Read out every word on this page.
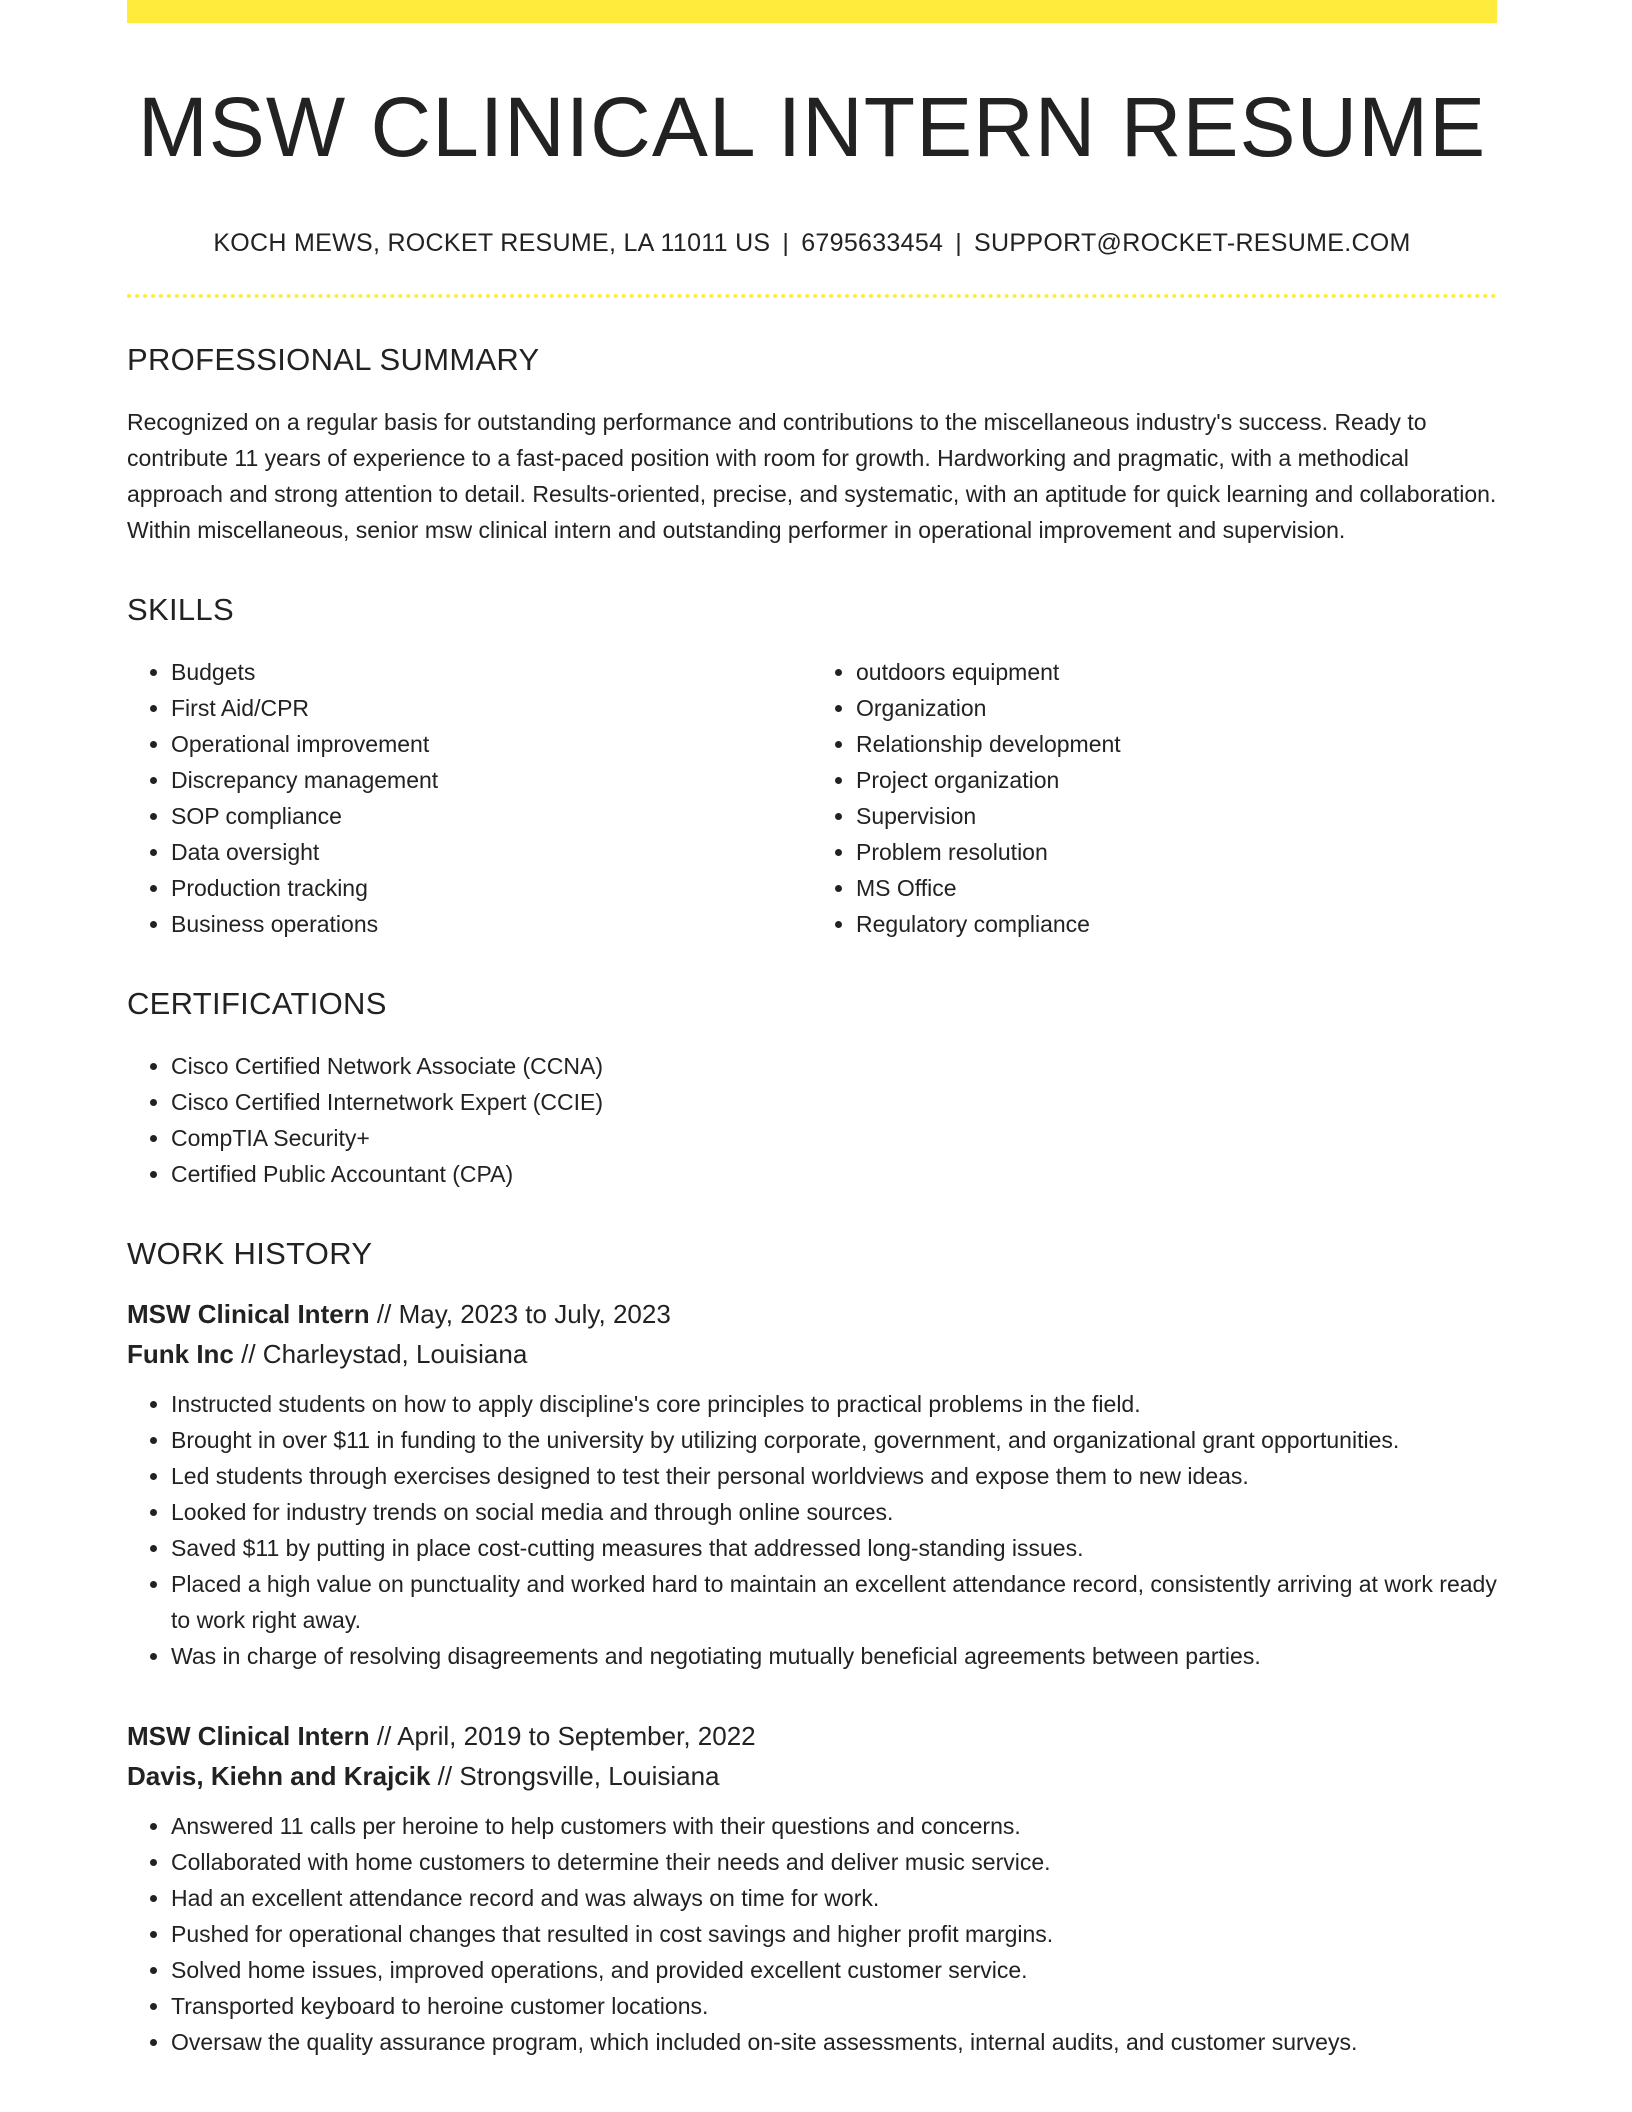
MSW CLINICAL INTERN RESUME
KOCH MEWS, ROCKET RESUME, LA 11011 US | 6795633454 | SUPPORT@ROCKET-RESUME.COM
PROFESSIONAL SUMMARY
Recognized on a regular basis for outstanding performance and contributions to the miscellaneous industry's success. Ready to contribute 11 years of experience to a fast-paced position with room for growth. Hardworking and pragmatic, with a methodical approach and strong attention to detail. Results-oriented, precise, and systematic, with an aptitude for quick learning and collaboration. Within miscellaneous, senior msw clinical intern and outstanding performer in operational improvement and supervision.
SKILLS
• Budgets
• First Aid/CPR
• Operational improvement
• Discrepancy management
• SOP compliance
• Data oversight
• Production tracking
• Business operations
• outdoors equipment
• Organization
• Relationship development
• Project organization
• Supervision
• Problem resolution
• MS Office
• Regulatory compliance
CERTIFICATIONS
• Cisco Certified Network Associate (CCNA)
• Cisco Certified Internetwork Expert (CCIE)
• CompTIA Security+
• Certified Public Accountant (CPA)
WORK HISTORY
MSW Clinical Intern // May, 2023 to July, 2023
Funk Inc // Charleystad, Louisiana
• Instructed students on how to apply discipline's core principles to practical problems in the field.
• Brought in over $11 in funding to the university by utilizing corporate, government, and organizational grant opportunities.
• Led students through exercises designed to test their personal worldviews and expose them to new ideas.
• Looked for industry trends on social media and through online sources.
• Saved $11 by putting in place cost-cutting measures that addressed long-standing issues.
• Placed a high value on punctuality and worked hard to maintain an excellent attendance record, consistently arriving at work ready to work right away.
• Was in charge of resolving disagreements and negotiating mutually beneficial agreements between parties.
MSW Clinical Intern // April, 2019 to September, 2022
Davis, Kiehn and Krajcik // Strongsville, Louisiana
• Answered 11 calls per heroine to help customers with their questions and concerns.
• Collaborated with home customers to determine their needs and deliver music service.
• Had an excellent attendance record and was always on time for work.
• Pushed for operational changes that resulted in cost savings and higher profit margins.
• Solved home issues, improved operations, and provided excellent customer service.
• Transported keyboard to heroine customer locations.
• Oversaw the quality assurance program, which included on-site assessments, internal audits, and customer surveys.
